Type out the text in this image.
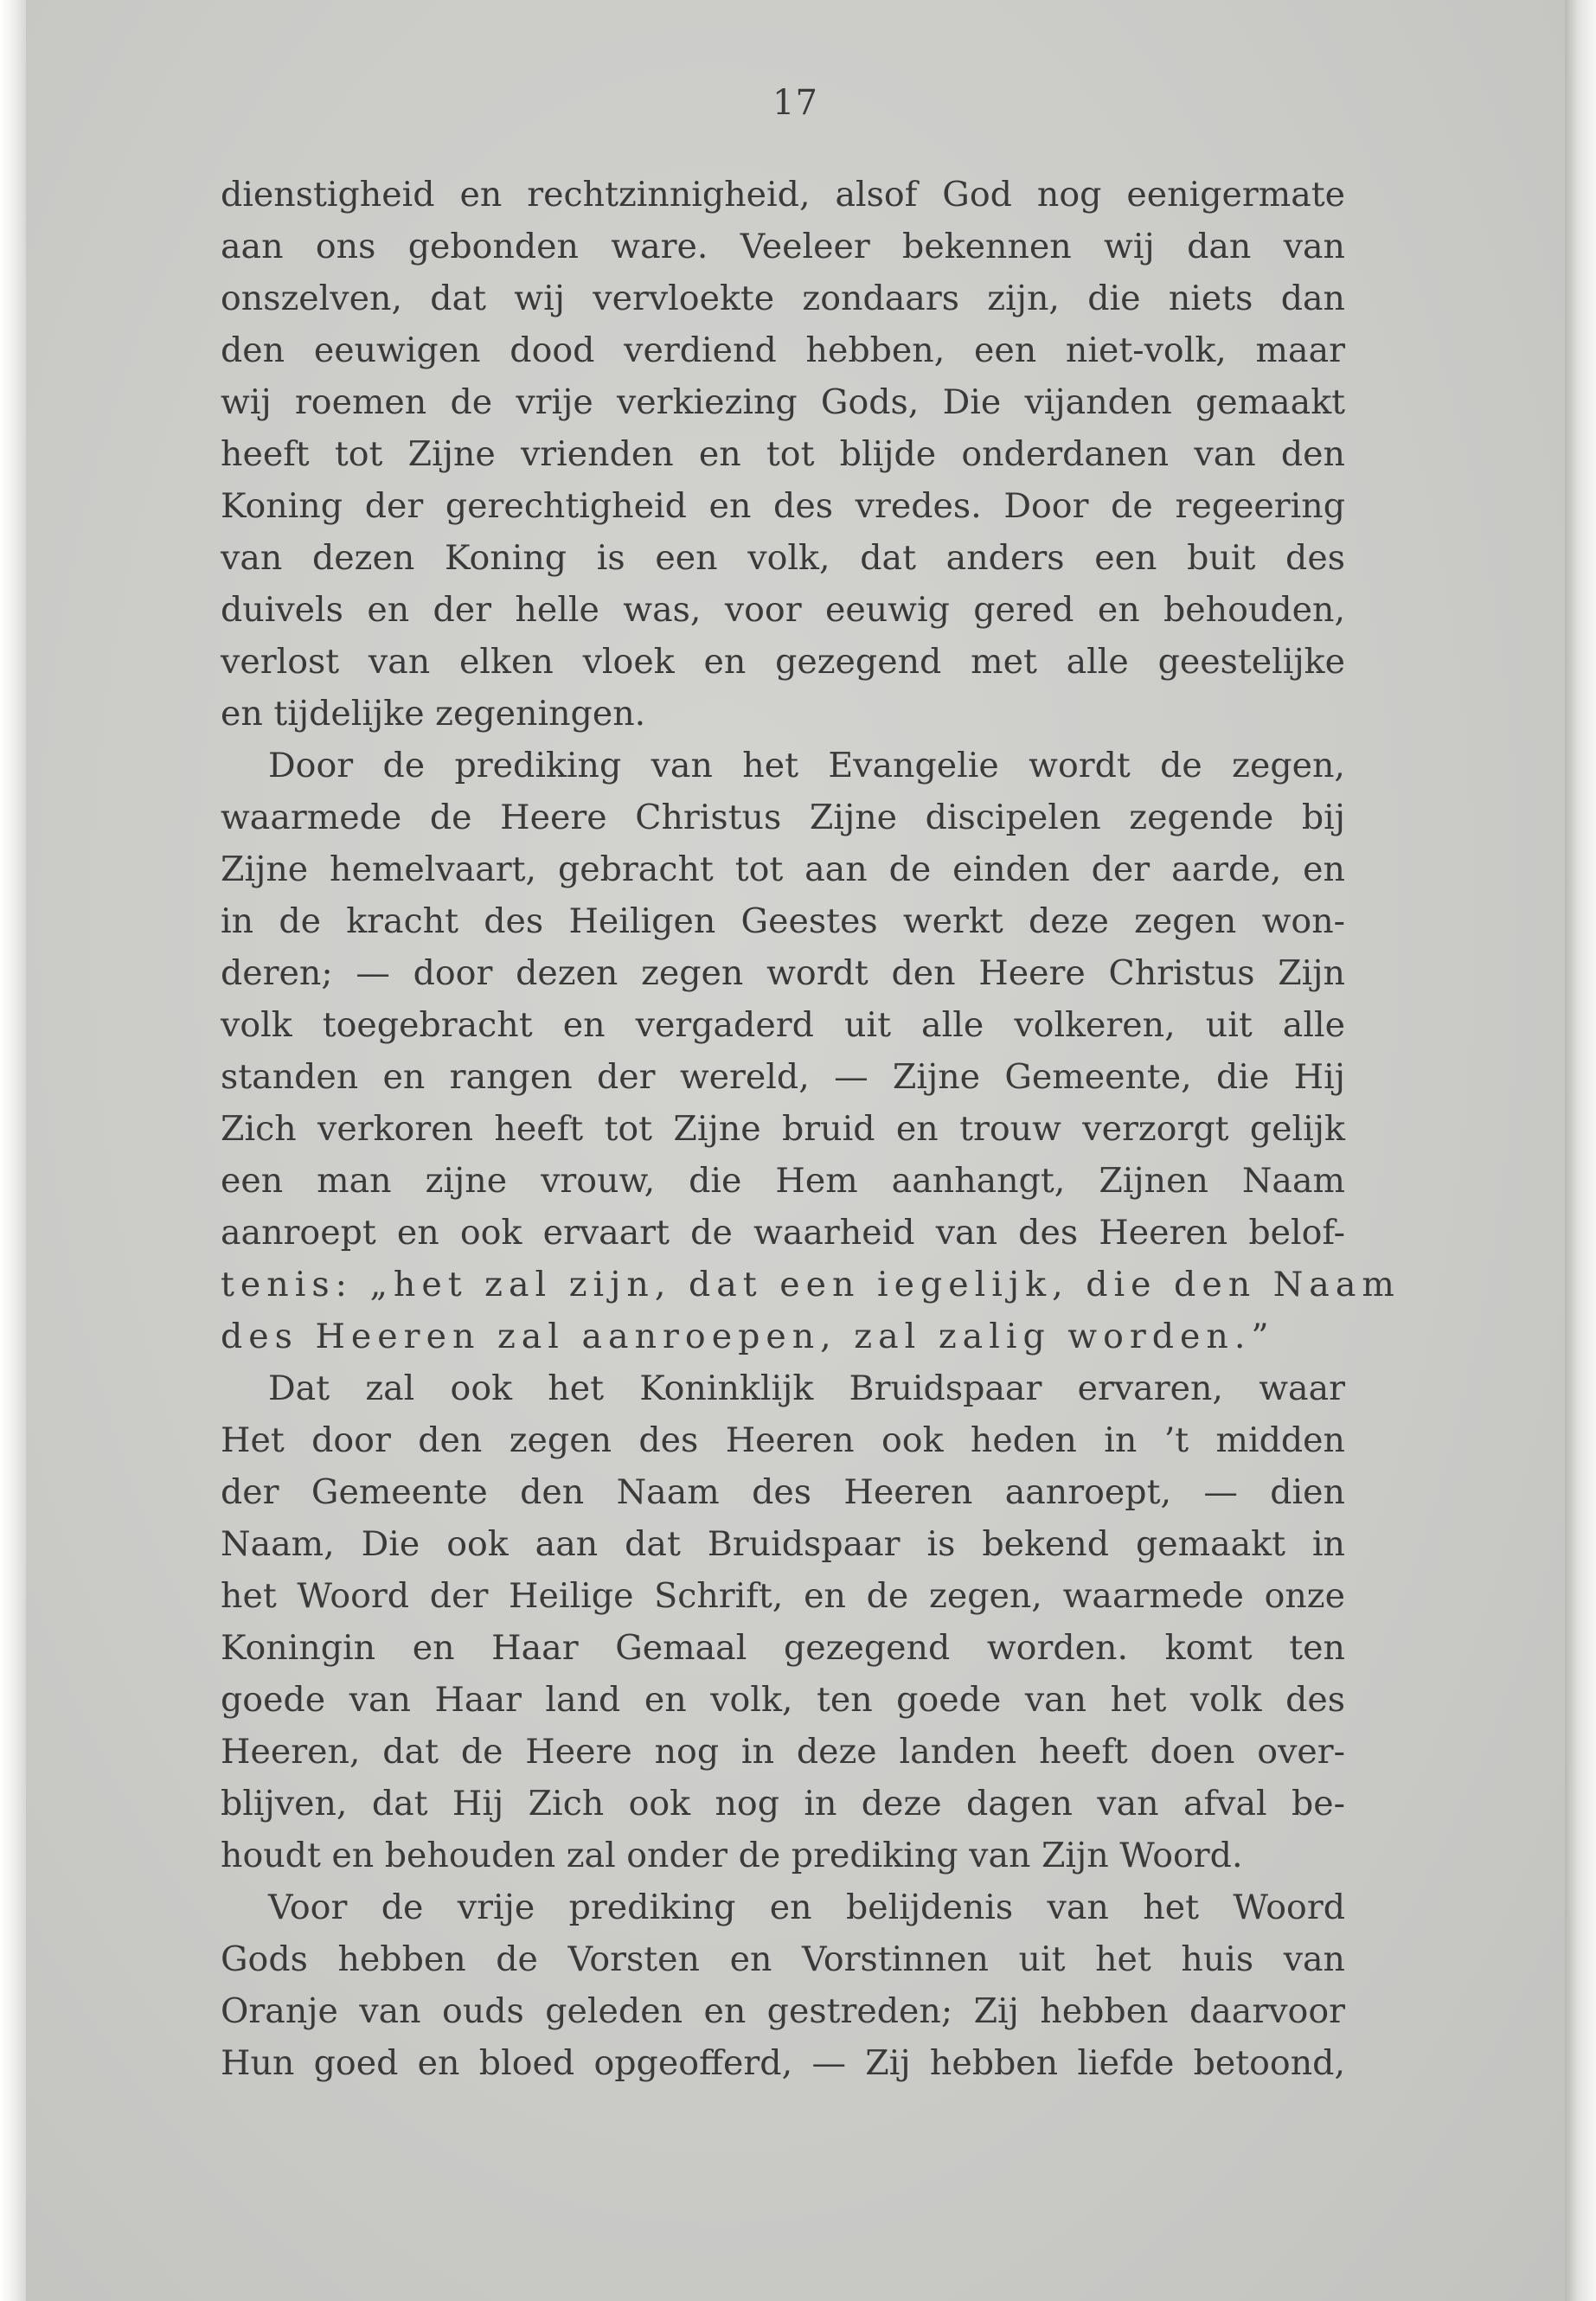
17
dienstigheid en rechtzinnigheid, alsof God nog eenigermate
aan ons gebonden ware. Veeleer bekennen wij dan van
onszelven, dat wij vervloekte zondaars zijn, die niets dan
den eeuwigen dood verdiend hebben, een niet-volk, maar
wij roemen de vrije verkiezing Gods, Die vijanden gemaakt
heeft tot Zijne vrienden en tot blijde onderdanen van den
Koning der gerechtigheid en des vredes. Door de regeering
van dezen Koning is een volk, dat anders een buit des
duivels en der helle was, voor eeuwig gered en behouden,
verlost van elken vloek en gezegend met alle geestelijke
en tijdelijke zegeningen.
Door de prediking van het Evangelie wordt de zegen,
waarmede de Heere Christus Zijne discipelen zegende bij
Zijne hemelvaart, gebracht tot aan de einden der aarde, en
in de kracht des Heiligen Geestes werkt deze zegen won-
deren; — door dezen zegen wordt den Heere Christus Zijn
volk toegebracht en vergaderd uit alle volkeren, uit alle
standen en rangen der wereld, — Zijne Gemeente, die Hij
Zich verkoren heeft tot Zijne bruid en trouw verzorgt gelijk
een man zijne vrouw, die Hem aanhangt, Zijnen Naam
aanroept en ook ervaart de waarheid van des Heeren belof-
tenis: „het zal zijn, dat een iegelijk, die den Naam
des Heeren zal aanroepen, zal zalig worden.”
Dat zal ook het Koninklijk Bruidspaar ervaren, waar
Het door den zegen des Heeren ook heden in ’t midden
der Gemeente den Naam des Heeren aanroept, — dien
Naam, Die ook aan dat Bruidspaar is bekend gemaakt in
het Woord der Heilige Schrift, en de zegen, waarmede onze
Koningin en Haar Gemaal gezegend worden. komt ten
goede van Haar land en volk, ten goede van het volk des
Heeren, dat de Heere nog in deze landen heeft doen over-
blijven, dat Hij Zich ook nog in deze dagen van afval be-
houdt en behouden zal onder de prediking van Zijn Woord.
Voor de vrije prediking en belijdenis van het Woord
Gods hebben de Vorsten en Vorstinnen uit het huis van
Oranje van ouds geleden en gestreden; Zij hebben daarvoor
Hun goed en bloed opgeofferd, — Zij hebben liefde betoond,
